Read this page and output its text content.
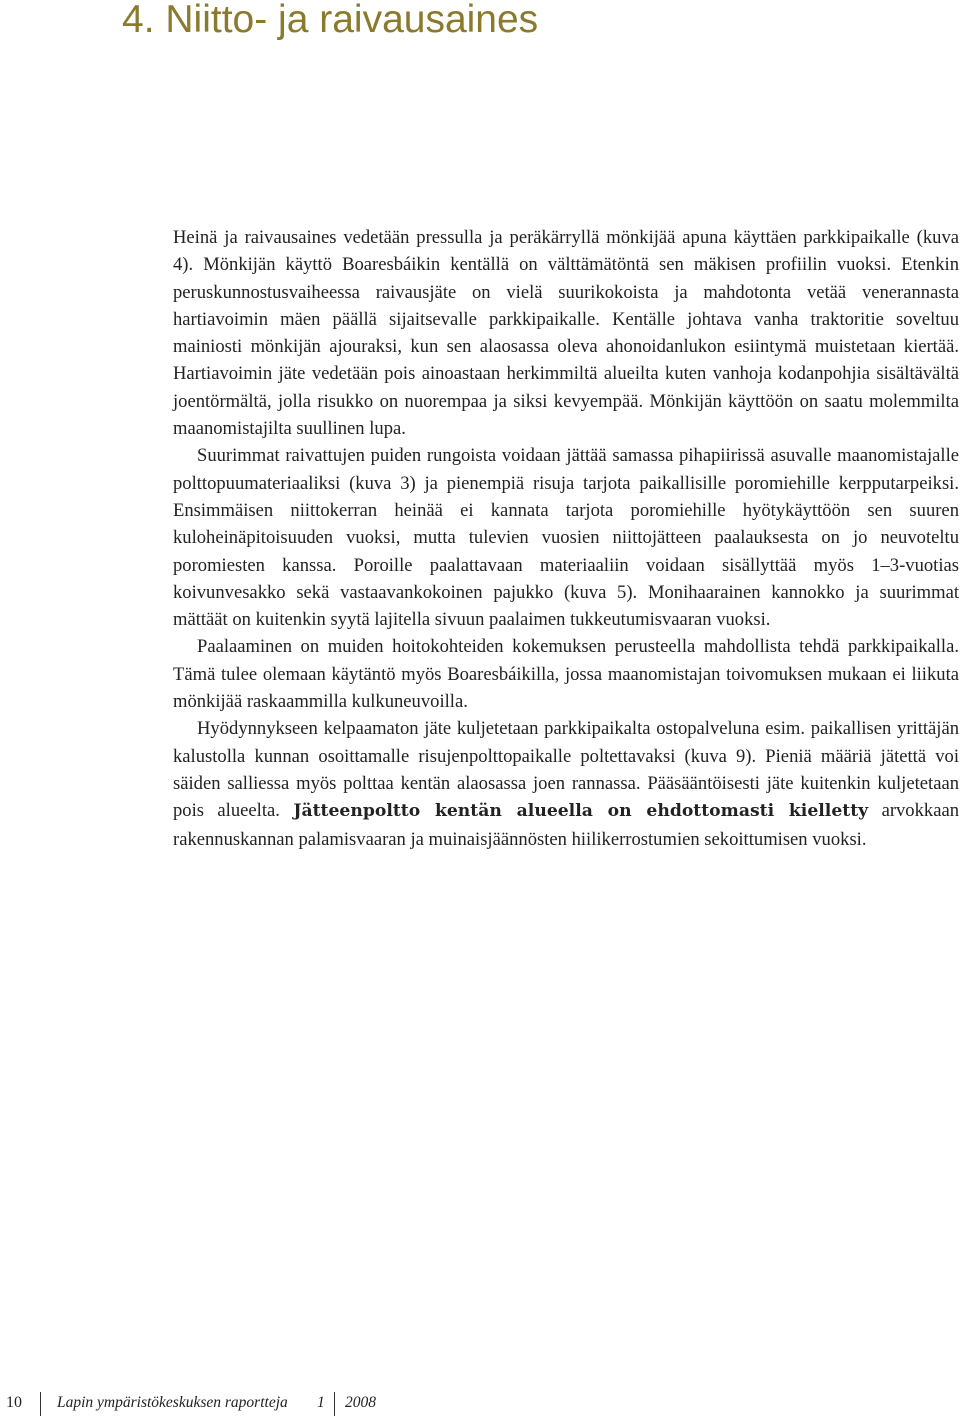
4. Niitto- ja raivausaines

Heinä ja raivausaines vedetään pressulla ja peräkärryllä mönkijää apuna käyttäen parkkipaikalle (kuva 4). Mönkijän käyttö Boaresbáikin kentällä on välttämätöntä sen mäkisen profiilin vuoksi. Etenkin peruskunnostusvaiheessa raivausjäte on vielä suurikokoista ja mahdotonta vetää venerannasta hartiavoimin mäen päällä sijaitsevalle parkkipaikalle. Kentälle johtava vanha traktoritie soveltuu mainiosti mönkijän ajouraksi, kun sen alaosassa oleva ahonoidanlukon esiintymä muistetaan kiertää. Hartiavoimin jäte vedetään pois ainoastaan herkimmiltä alueilta kuten vanhoja kodanpohjia sisältävältä joentörmältä, jolla risukko on nuorempaa ja siksi kevyempää. Mönkijän käyttöön on saatu molemmilta maanomistajilta suullinen lupa.

Suurimmat raivattujen puiden rungoista voidaan jättää samassa pihapiirissä asuvalle maanomistajalle polttopuumateriaaliksi (kuva 3) ja pienempiä risuja tarjota paikallisille poromiehille kerpputarpeiksi. Ensimmäisen niittokerran heinää ei kannata tarjota poromiehille hyötykäyttöön sen suuren kuloheinäpitoisuuden vuoksi, mutta tulevien vuosien niittojätteen paalauksesta on jo neuvoteltu poromiesten kanssa. Poroille paalattavaan materiaaliin voidaan sisällyttää myös 1–3-vuotias koivunvesakko sekä vastaavankokoinen pajukko (kuva 5). Monihaarainen kannokko ja suurimmat mättäät on kuitenkin syytä lajitella sivuun paalaimen tukkeutumisvaaran vuoksi.

Paalaaminen on muiden hoitokohteiden kokemuksen perusteella mahdollista tehdä parkkipaikalla. Tämä tulee olemaan käytäntö myös Boaresbáikilla, jossa maanomistajan toivomuksen mukaan ei liikuta mönkijää raskaammilla kulkuneuvoilla.

Hyödynnykseen kelpaamaton jäte kuljetetaan parkkipaikalta ostopalveluna esim. paikallisen yrittäjän kalustolla kunnan osoittamalle risujenpolttopaikalle poltettavaksi (kuva 9). Pieniä määriä jätettä voi säiden salliessa myös polttaa kentän alaosassa joen rannassa. Pääsääntöisesti jäte kuitenkin kuljetetaan pois alueelta. Jätteenpoltto kentän alueella on ehdottomasti kielletty arvokkaan rakennuskannan palamisvaaran ja muinaisjäännösten hiilikerrostumien sekoittumisen vuoksi.

10 Lapin ympäristökeskuksen raportteja 1 2008
